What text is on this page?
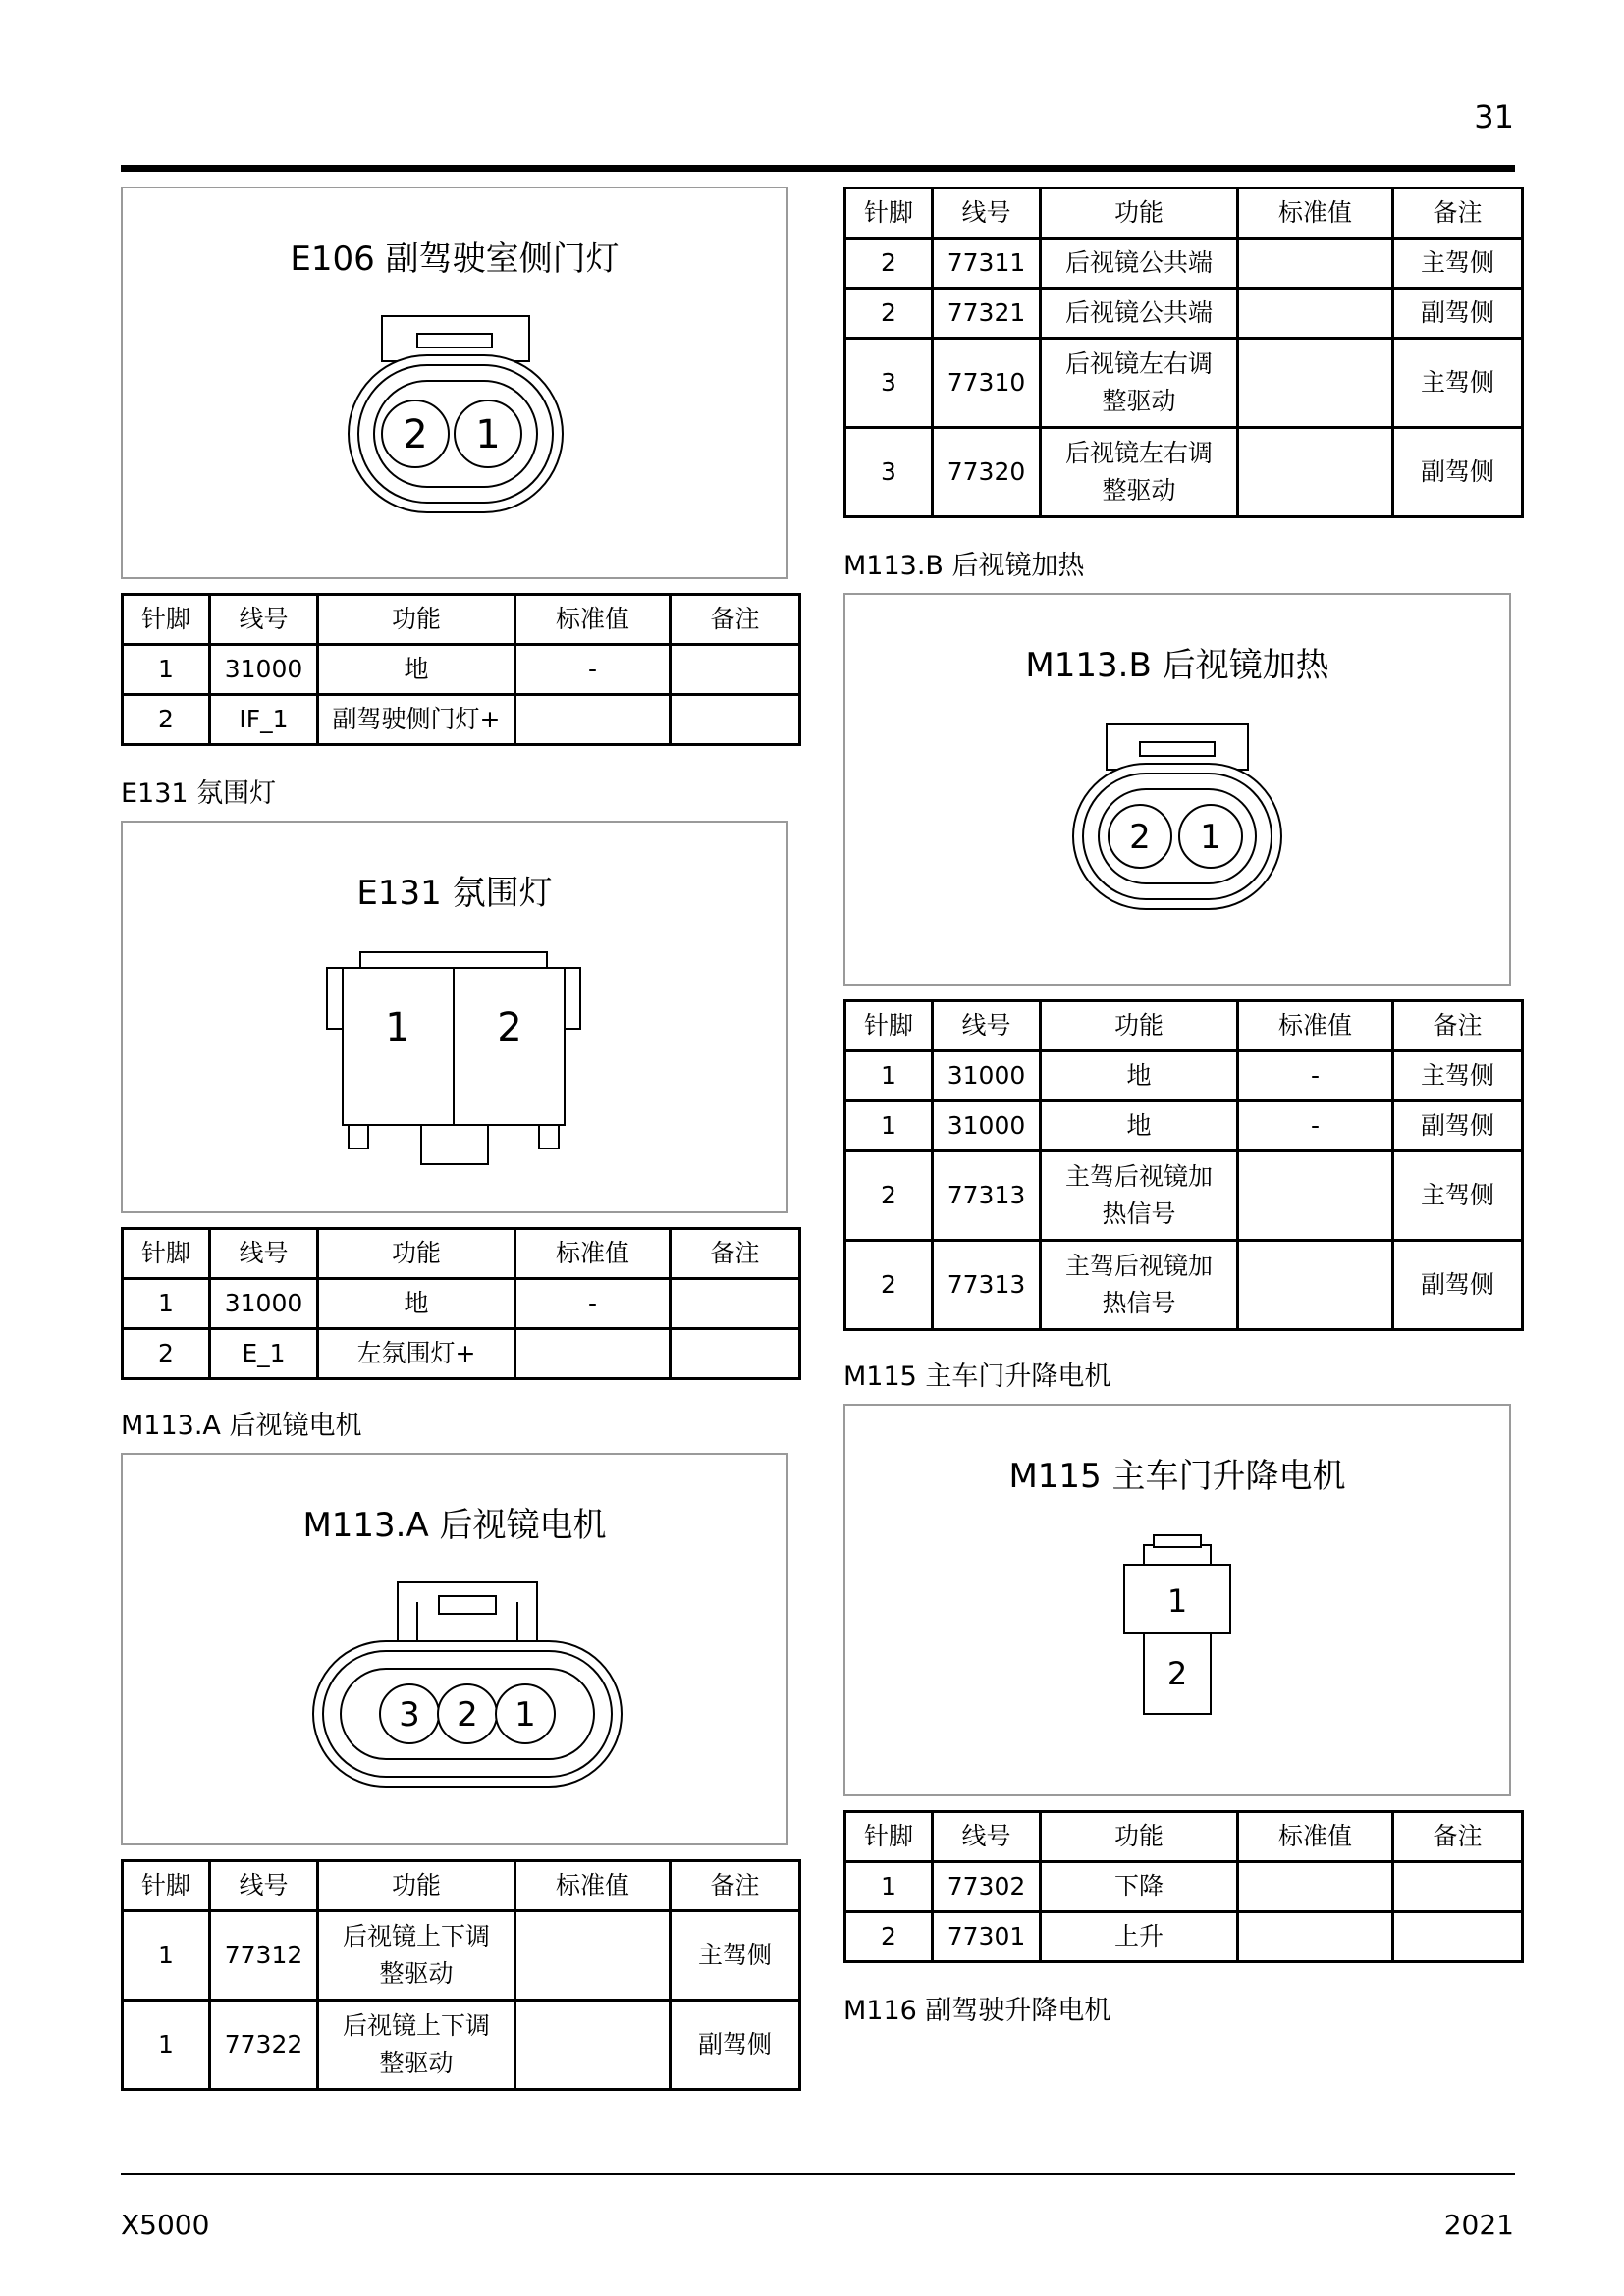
31
E106 副驾驶室侧门灯
2 1
针脚	线号	功能	标准值	备注
1	31000	地	-	
2	IF_1	副驾驶侧门灯+		
E131 氛围灯
E131 氛围灯
1 2
针脚	线号	功能	标准值	备注
1	31000	地	-	
2	E_1	左氛围灯+		
M113.A 后视镜电机
M113.A 后视镜电机
3 2 1
针脚	线号	功能	标准值	备注
1	77312	后视镜上下调
整驱动		主驾侧
1	77322	后视镜上下调
整驱动		副驾侧
针脚	线号	功能	标准值	备注
2	77311	后视镜公共端		主驾侧
2	77321	后视镜公共端		副驾侧
3	77310	后视镜左右调
整驱动		主驾侧
3	77320	后视镜左右调
整驱动		副驾侧
M113.B 后视镜加热
M113.B 后视镜加热
2 1
针脚	线号	功能	标准值	备注
1	31000	地	-	主驾侧
1	31000	地	-	副驾侧
2	77313	主驾后视镜加
热信号		主驾侧
2	77313	主驾后视镜加
热信号		副驾侧
M115 主车门升降电机
M115 主车门升降电机
1
2
针脚	线号	功能	标准值	备注
1	77302	下降		
2	77301	上升		
M116 副驾驶升降电机
X5000	2021
